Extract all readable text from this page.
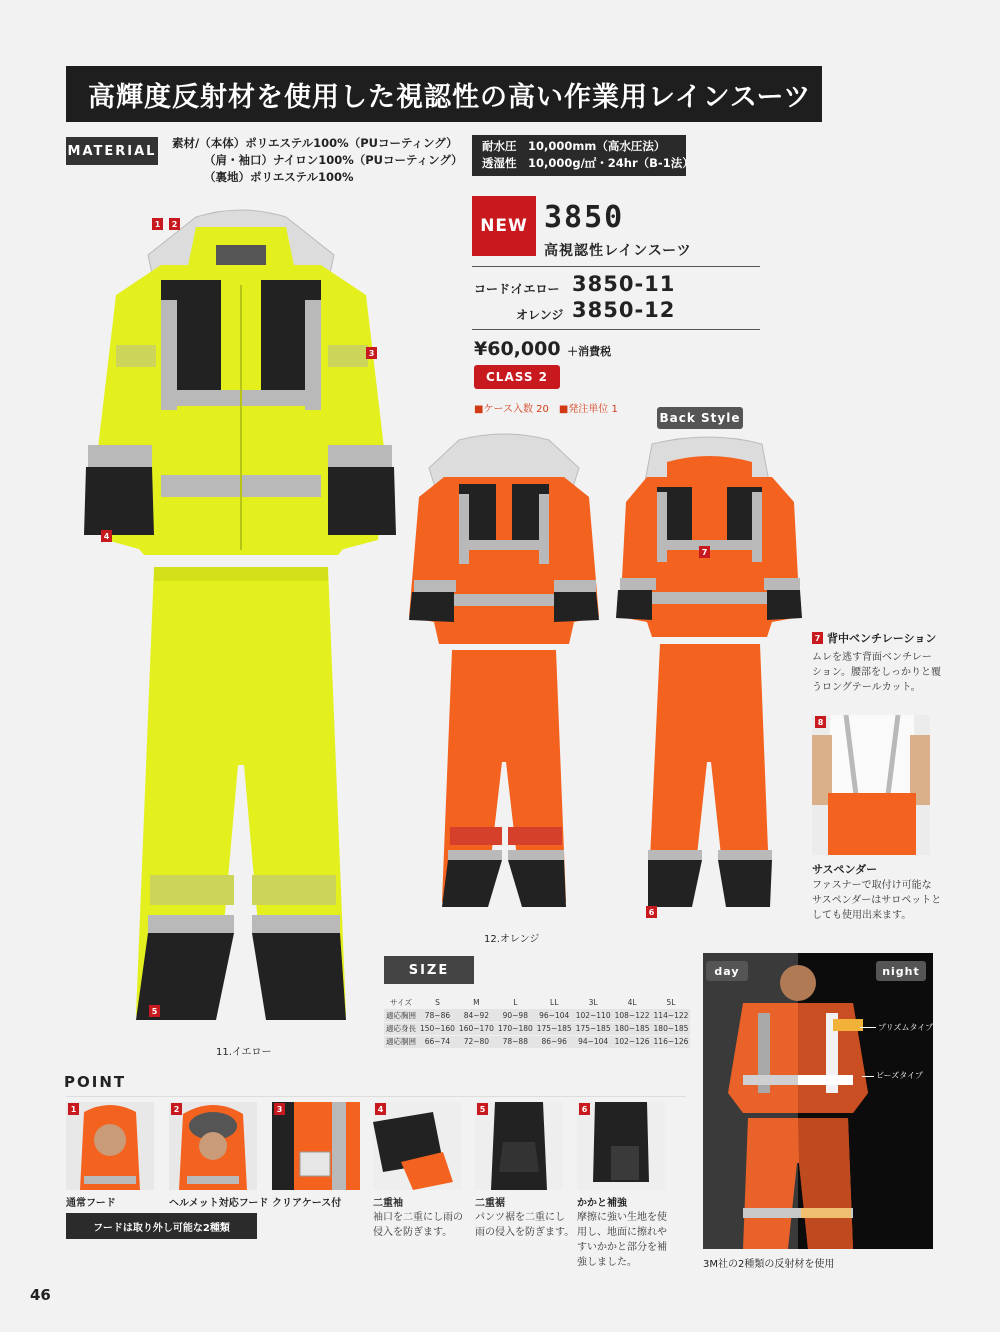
高輝度反射材を使用した視認性の高い作業用レインスーツ
MATERIAL
素材/（本体）ポリエステル100%（PUコーティング）
（肩・袖口）ナイロン100%（PUコーティング）
（裏地）ポリエステル100%
耐水圧　10,000mm（高水圧法）
透湿性　10,000g/㎡・24hr（B-1法）
NEW 3850
高視認性レインスーツ
コード：
イエロー 3850-11
オレンジ 3850-12
¥60,000 ＋消費税
CLASS 2
■ケース入数 20　■発注単位 1
Back Style
1	2
3
4
5
11.イエロー
12.オレンジ
7
6
7 背中ベンチレーション
ムレを逃す背面ベンチレー
ション。腰部をしっかりと覆
うロングテールカット。
8
サスペンダー
ファスナーで取付け可能な
サスペンダーはサロペットと
しても使用出来ます。
SIZE
サイズ	S	M	L	LL	3L	4L	5L
適応胸囲	78~86	84~92	90~98	96~104	102~110	108~122	114~122
適応身長	150~160	160~170	170~180	175~185	175~185	180~185	180~185
適応胴囲	66~74	72~80	78~88	86~96	94~104	102~126	116~126
day	night
プリズムタイプ
ビーズタイプ
3M社の2種類の反射材を使用
POINT
1
通常フード
2
ヘルメット対応フード
3
クリアケース付
4
二重袖
袖口を二重にし雨の
侵入を防ぎます。
5
二重裾
パンツ裾を二重にし
雨の侵入を防ぎます。
6
かかと補強
摩擦に強い生地を使
用し、地面に擦れや
すいかかと部分を補
強しました。
フードは取り外し可能な2種類
46
